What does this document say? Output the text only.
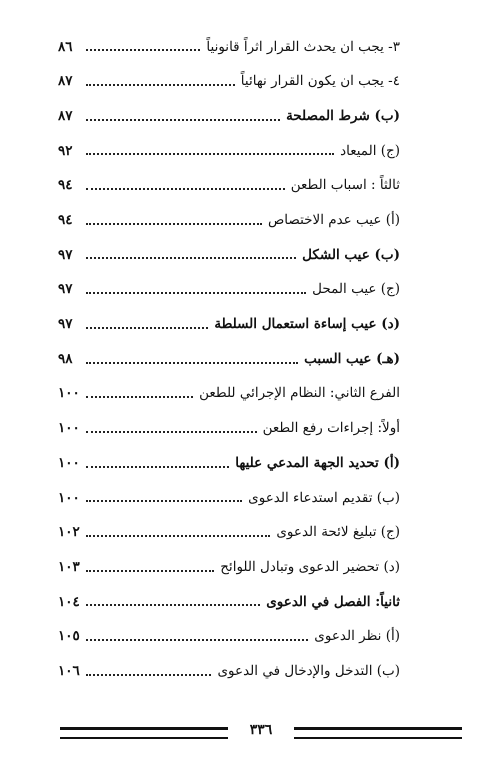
٣- يجب ان يحدث القرار اثراً قانونياً
٨٦
٤- يجب ان يكون القرار نهائياً
٨٧
(ب) شرط المصلحة
٨٧
(ج) الميعاد
٩٢
ثالثاً : اسباب الطعن
٩٤
(أ) عيب عدم الاختصاص
٩٤
(ب) عيب الشكل
٩٧
(ج) عيب المحل
٩٧
(د) عيب إساءة استعمال السلطة
٩٧
(هـ) عيب السبب
٩٨
الفرع الثاني: النظام الإجرائي للطعن
١٠٠
أولاً: إجراءات رفع الطعن
١٠٠
(أ) تحديد الجهة المدعي عليها
١٠٠
(ب) تقديم استدعاء الدعوى
١٠٠
(ج) تبليغ لائحة الدعوى
١٠٢
(د) تحضير الدعوى وتبادل اللوائح
١٠٣
ثانياً: الفصل في الدعوى
١٠٤
(أ) نظر الدعوى
١٠٥
(ب) التدخل والإدخال في الدعوى
١٠٦
٣٣٦
